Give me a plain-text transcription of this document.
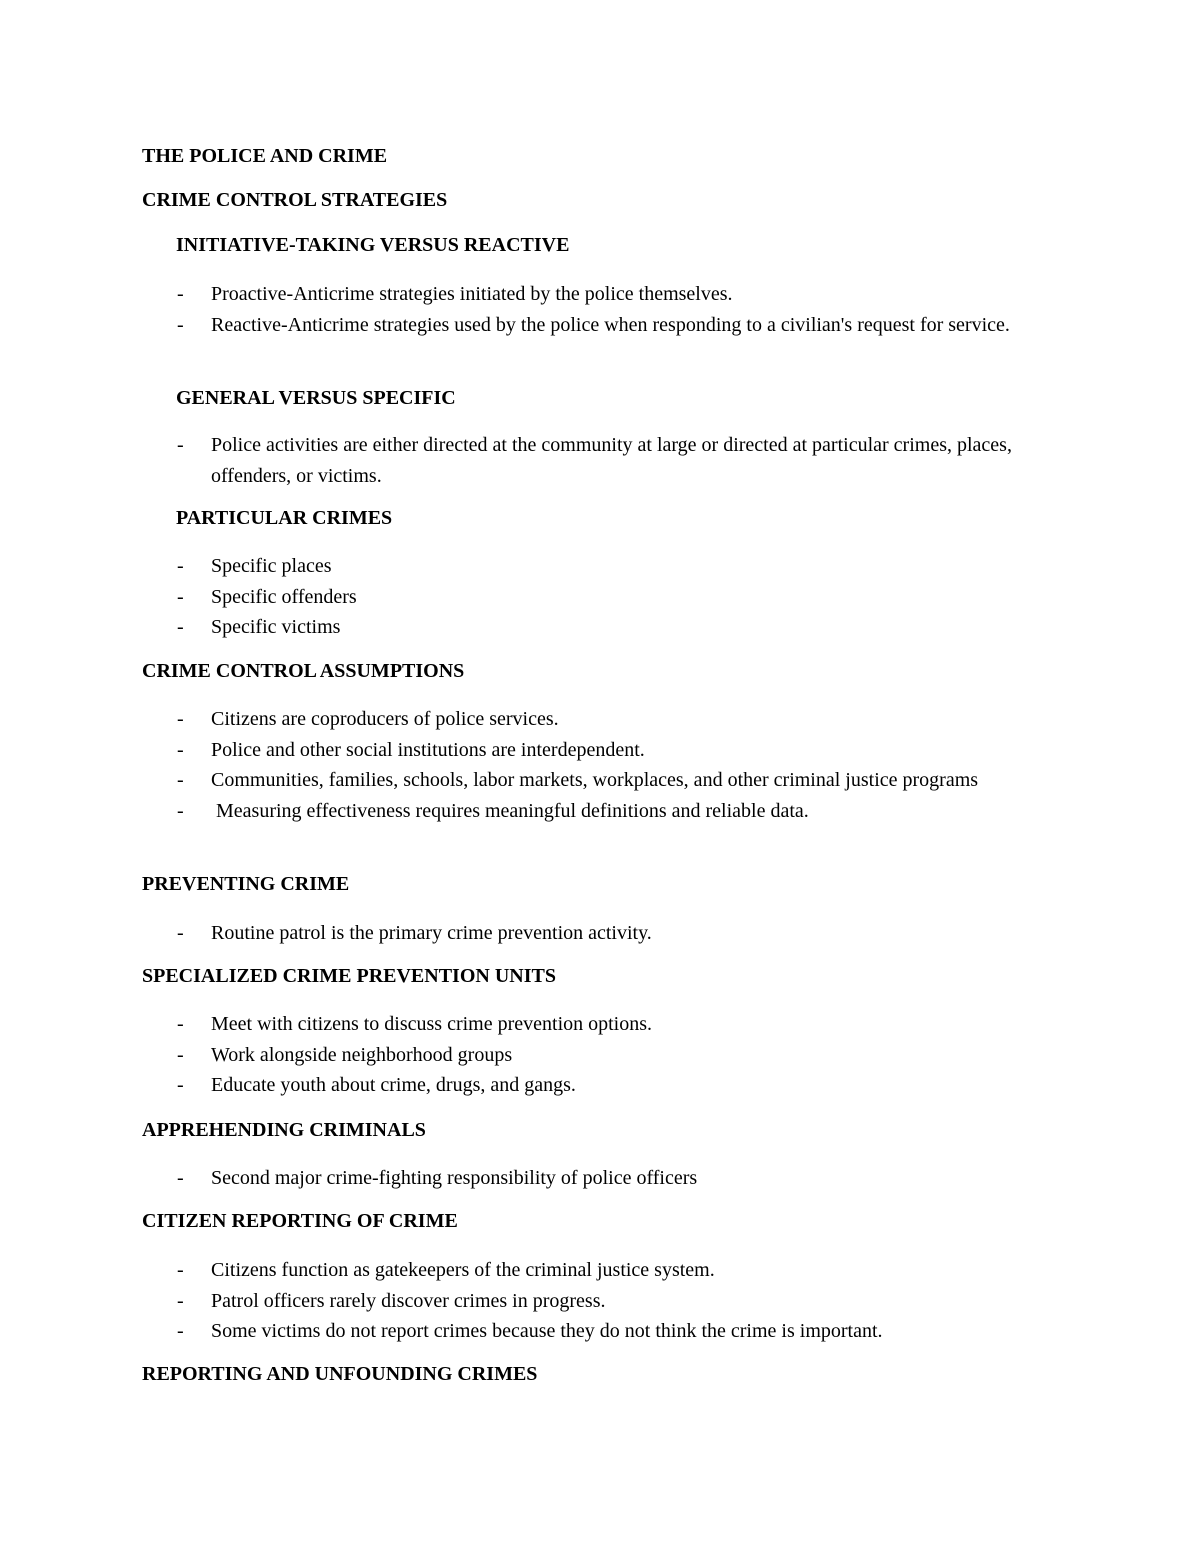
THE POLICE AND CRIME
CRIME CONTROL STRATEGIES
INITIATIVE-TAKING VERSUS REACTIVE
- Proactive-Anticrime strategies initiated by the police themselves.
- Reactive-Anticrime strategies used by the police when responding to a civilian's request for service.
GENERAL VERSUS SPECIFIC
- Police activities are either directed at the community at large or directed at particular crimes, places, offenders, or victims.
PARTICULAR CRIMES
- Specific places
- Specific offenders
- Specific victims
CRIME CONTROL ASSUMPTIONS
- Citizens are coproducers of police services.
- Police and other social institutions are interdependent.
- Communities, families, schools, labor markets, workplaces, and other criminal justice programs
- Measuring effectiveness requires meaningful definitions and reliable data.
PREVENTING CRIME
- Routine patrol is the primary crime prevention activity.
SPECIALIZED CRIME PREVENTION UNITS
- Meet with citizens to discuss crime prevention options.
- Work alongside neighborhood groups
- Educate youth about crime, drugs, and gangs.
APPREHENDING CRIMINALS
- Second major crime-fighting responsibility of police officers
CITIZEN REPORTING OF CRIME
- Citizens function as gatekeepers of the criminal justice system.
- Patrol officers rarely discover crimes in progress.
- Some victims do not report crimes because they do not think the crime is important.
REPORTING AND UNFOUNDING CRIMES
